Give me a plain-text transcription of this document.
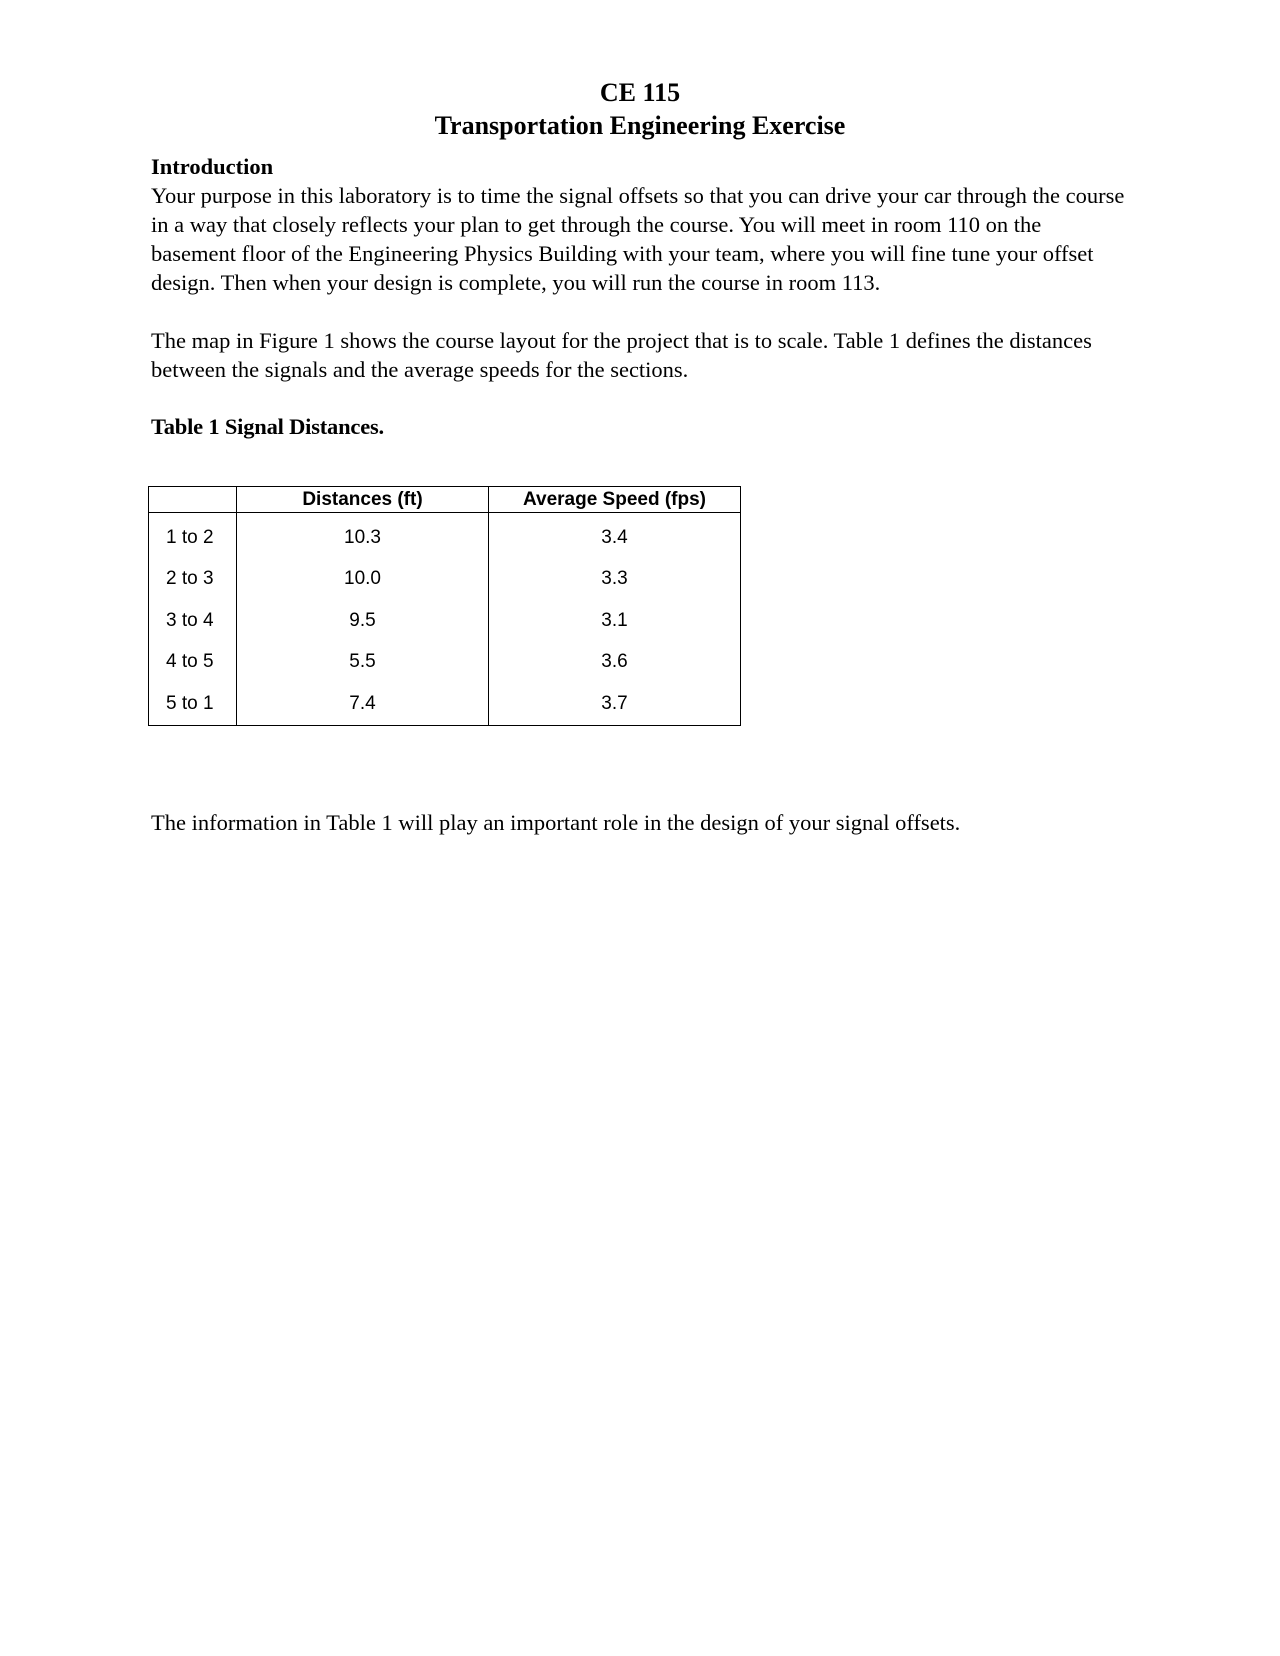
CE 115
Transportation Engineering Exercise

Introduction

Your purpose in this laboratory is to time the signal offsets so that you can drive your car through the course in a way that closely reflects your plan to get through the course. You will meet in room 110 on the basement floor of the Engineering Physics Building with your team, where you will fine tune your offset design. Then when your design is complete, you will run the course in room 113.

The map in Figure 1 shows the course layout for the project that is to scale. Table 1 defines the distances between the signals and the average speeds for the sections.

Table 1 Signal Distances.

	Distances (ft)	Average Speed (fps)
1 to 2	10.3	3.4
2 to 3	10.0	3.3
3 to 4	9.5	3.1
4 to 5	5.5	3.6
5 to 1	7.4	3.7

The information in Table 1 will play an important role in the design of your signal offsets.
